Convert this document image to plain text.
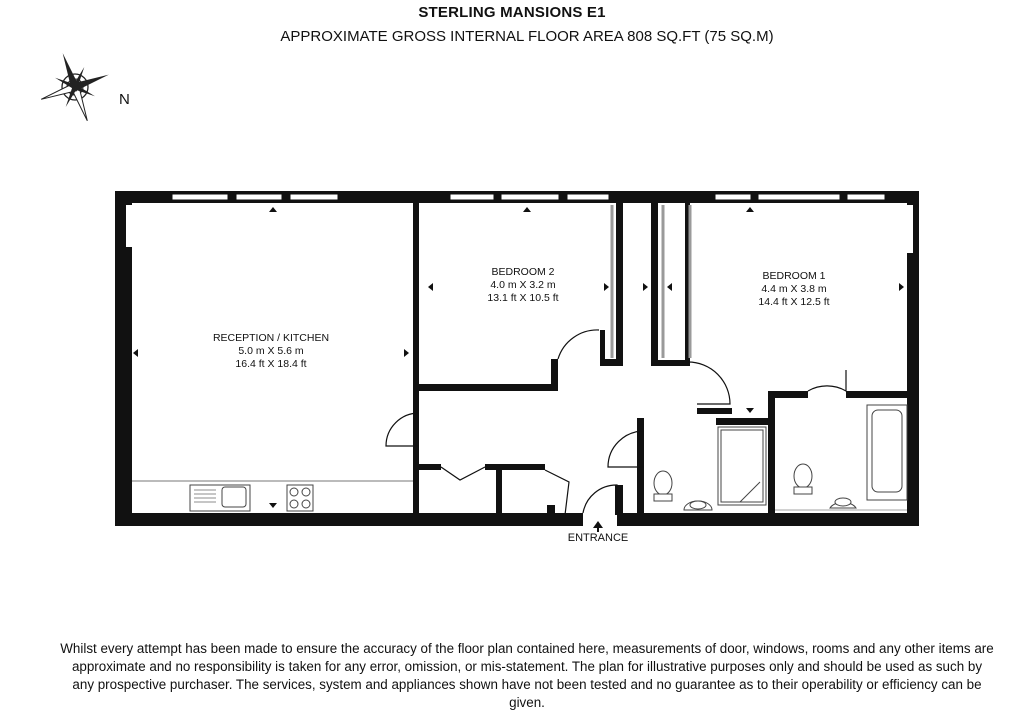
STERLING MANSIONS E1
APPROXIMATE GROSS INTERNAL FLOOR AREA 808 SQ.FT (75 SQ.M)
N
RECEPTION / KITCHEN
5.0 m X 5.6 m
16.4 ft X 18.4 ft
BEDROOM 2
4.0 m X 3.2 m
13.1 ft X 10.5 ft
BEDROOM 1
4.4 m X 3.8 m
14.4 ft X 12.5 ft
ENTRANCE
Whilst every attempt has been made to ensure the accuracy of the floor plan contained here, measurements of door, windows, rooms and any other items are approximate and no responsibility is taken for any error, omission, or mis-statement. The plan for illustrative purposes only and should be used as such by any prospective purchaser. The services, system and appliances shown have not been tested and no guarantee as to their operability or efficiency can be given.
